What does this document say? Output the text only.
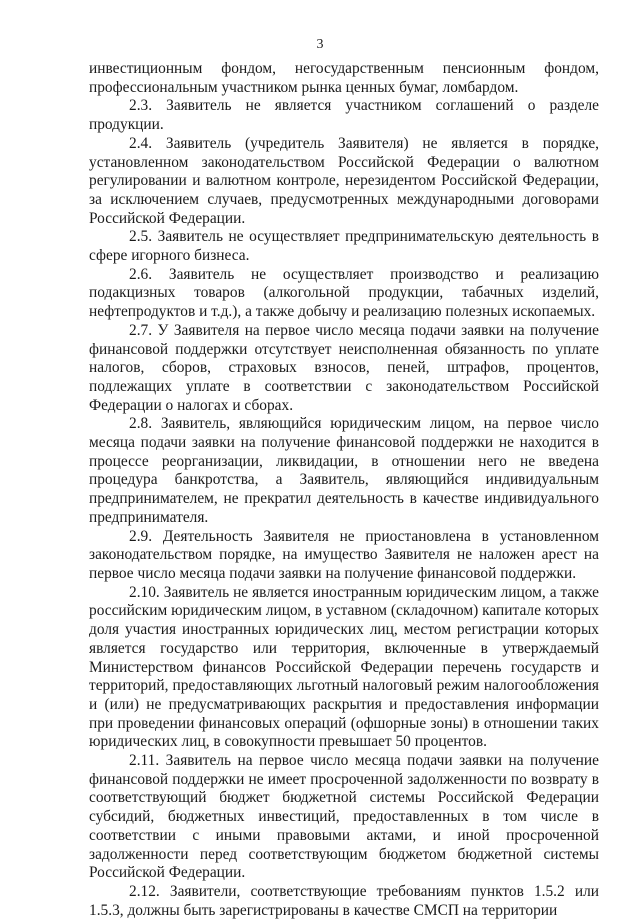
3

инвестиционным фондом, негосударственным пенсионным фондом, профессиональным участником рынка ценных бумаг, ломбардом.

2.3. Заявитель не является участником соглашений о разделе продукции.

2.4. Заявитель (учредитель Заявителя) не является в порядке, установленном законодательством Российской Федерации о валютном регулировании и валютном контроле, нерезидентом Российской Федерации, за исключением случаев, предусмотренных международными договорами Российской Федерации.

2.5. Заявитель не осуществляет предпринимательскую деятельность в сфере игорного бизнеса.

2.6. Заявитель не осуществляет производство и реализацию подакцизных товаров (алкогольной продукции, табачных изделий, нефтепродуктов и т.д.), а также добычу и реализацию полезных ископаемых.

2.7. У Заявителя на первое число месяца подачи заявки на получение финансовой поддержки отсутствует неисполненная обязанность по уплате налогов, сборов, страховых взносов, пеней, штрафов, процентов, подлежащих уплате в соответствии с законодательством Российской Федерации о налогах и сборах.

2.8. Заявитель, являющийся юридическим лицом, на первое число месяца подачи заявки на получение финансовой поддержки не находится в процессе реорганизации, ликвидации, в отношении него не введена процедура банкротства, а Заявитель, являющийся индивидуальным предпринимателем, не прекратил деятельность в качестве индивидуального предпринимателя.

2.9. Деятельность Заявителя не приостановлена в установленном законодательством порядке, на имущество Заявителя не наложен арест на первое число месяца подачи заявки на получение финансовой поддержки.

2.10. Заявитель не является иностранным юридическим лицом, а также российским юридическим лицом, в уставном (складочном) капитале которых доля участия иностранных юридических лиц, местом регистрации которых является государство или территория, включенные в утверждаемый Министерством финансов Российской Федерации перечень государств и территорий, предоставляющих льготный налоговый режим налогообложения и (или) не предусматривающих раскрытия и предоставления информации при проведении финансовых операций (офшорные зоны) в отношении таких юридических лиц, в совокупности превышает 50 процентов.

2.11. Заявитель на первое число месяца подачи заявки на получение финансовой поддержки не имеет просроченной задолженности по возврату в соответствующий бюджет бюджетной системы Российской Федерации субсидий, бюджетных инвестиций, предоставленных в том числе в соответствии с иными правовыми актами, и иной просроченной задолженности перед соответствующим бюджетом бюджетной системы Российской Федерации.

2.12. Заявители, соответствующие требованиям пунктов 1.5.2 или 1.5.3, должны быть зарегистрированы в качестве СМСП на территории
